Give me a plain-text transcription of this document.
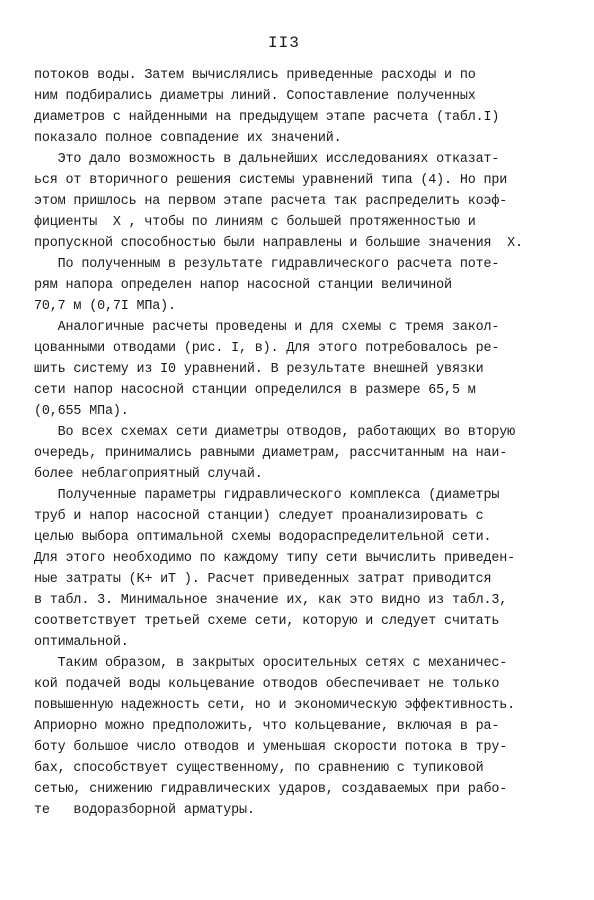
II3
потоков воды. Затем вычислялись приведенные расходы и по
ним подбирались диаметры линий. Сопоставление полученных
диаметров с найденными на предыдущем этапе расчета (табл.I)
показало полное совпадение их значений.
Это дало возможность в дальнейших исследованиях отказат-
ься от вторичного решения системы уравнений типа (4). Но при
этом пришлось на первом этапе расчета так распределить коэф-
фициенты  X , чтобы по линиям с большей протяженностью и
пропускной способностью были направлены и большие значения  X.
По полученным в результате гидравлического расчета поте-
рям напора определен напор насосной станции величиной
70,7 м (0,7I МПа).
Аналогичные расчеты проведены и для схемы с тремя закол-
цованными отводами (рис. I, в). Для этого потребовалось ре-
шить систему из I0 уравнений. В результате внешней увязки
сети напор насосной станции определился в размере 65,5 м
(0,655 МПа).
Во всех схемах сети диаметры отводов, работающих во вторую
очередь, принимались равными диаметрам, рассчитанным на наи-
более неблагоприятный случай.
Полученные параметры гидравлического комплекса (диаметры
труб и напор насосной станции) следует проанализировать с
целью выбора оптимальной схемы водораспределительной сети.
Для этого необходимо по каждому типу сети вычислить приведен-
ные затраты (K+ иT ). Расчет приведенных затрат приводится
в табл. 3. Минимальное значение их, как это видно из табл.3,
соответствует третьей схеме сети, которую и следует считать
оптимальной.
Таким образом, в закрытых оросительных сетях с механичес-
кой подачей воды кольцевание отводов обеспечивает не только
повышенную надежность сети, но и экономическую эффективность.
Априорно можно предположить, что кольцевание, включая в ра-
боту большое число отводов и уменьшая скорости потока в тру-
бах, способствует существенному, по сравнению с тупиковой
сетью, снижению гидравлических ударов, создаваемых при рабо-
те   водоразборной арматуры.
